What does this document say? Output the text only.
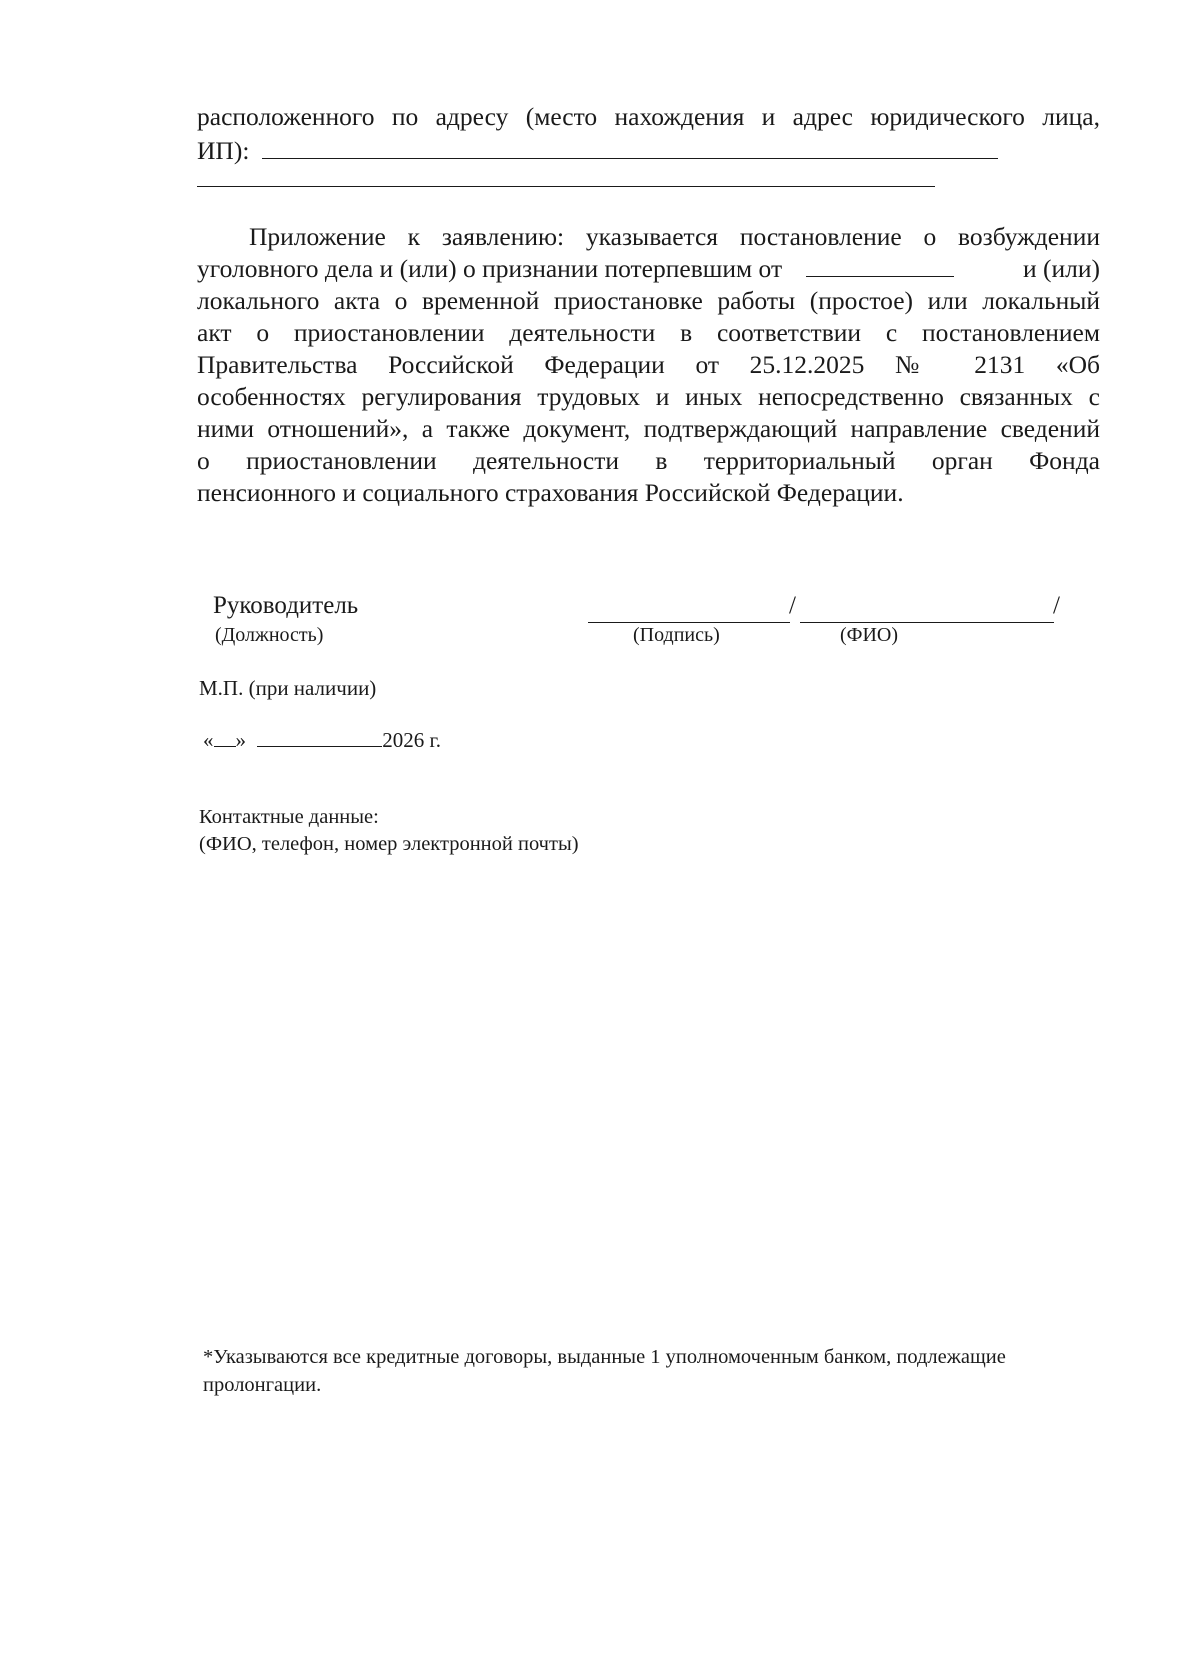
расположенного по адресу (место нахождения и адрес юридического лица,
ИП):
Приложение к заявлению: указывается постановление о возбуждении
уголовного дела и (или) о признании потерпевшим от	и (или)
локального акта о временной приостановке работы (простое) или локальный
акт о приостановлении деятельности в соответствии с постановлением
Правительства Российской Федерации от 25.12.2025 № 2131 «Об
особенностях регулирования трудовых и иных непосредственно связанных с
ними отношений», а также документ, подтверждающий направление сведений
о приостановлении деятельности в территориальный орган Фонда
пенсионного и социального страхования Российской Федерации.
Руководитель
(Должность)
/	/
(Подпись)	(ФИО)
М.П. (при наличии)
« »	2026 г.
Контактные данные:
(ФИО, телефон, номер электронной почты)
*Указываются все кредитные договоры, выданные 1 уполномоченным банком, подлежащие
пролонгации.
